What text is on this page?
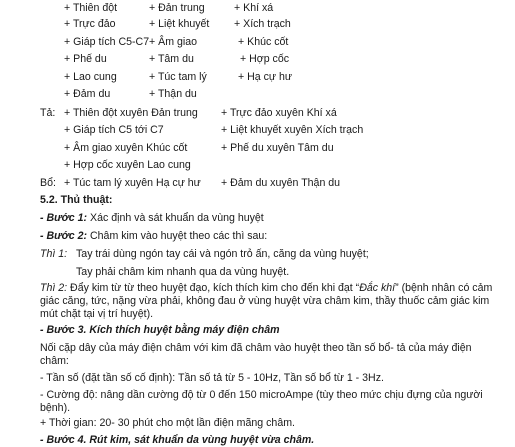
+ Thiên đột	+ Đản trung	+ Khí xá
+ Trực đảo	+ Liệt khuyết + Xích trạch
+ Giáp tích C5-C7 + Âm giao	+ Khúc cốt
+ Phế du	+ Tâm du	+ Hợp cốc
+ Lao cung	+ Túc tam lý	+ Hạ cự hư
+ Đảm du	+ Thận du
Tả: + Thiên đột xuyên Đản trung + Trực đảo xuyên Khí xá
+ Giáp tích C5 tới C7	+ Liệt khuyết xuyên Xích trạch
+ Âm giao xuyên Khúc cốt	+ Phế du xuyên Tâm du
+ Hợp cốc xuyên Lao cung
Bổ: + Túc tam lý xuyên Hạ cự hư + Đảm du xuyên Thận du
5.2. Thủ thuật:
- Bước 1: Xác định và sát khuẩn da vùng huyệt
- Bước 2: Châm kim vào huyệt theo các thì sau:
Thì 1: Tay trái dùng ngón tay cái và ngón trỏ ấn, căng da vùng huyệt;
Tay phải châm kim nhanh qua da vùng huyệt.
Thì 2: Đẩy kim từ từ theo huyệt đạo, kích thích kim cho đến khi đạt “Đắc khí” (bệnh nhân có cảm
giác căng, tức, nặng vừa phải, không đau ở vùng huyệt vừa châm kim, thầy thuốc cảm giác kim
mút chặt tại vị trí huyệt).
- Bước 3. Kích thích huyệt bằng máy điện châm
Nối cặp dây của máy điện châm với kim đã châm vào huyệt theo tần số bổ- tả của máy điện
châm:
- Tần số (đặt tần số cố định): Tần số tả từ 5 - 10Hz, Tần số bổ từ 1 - 3Hz.
- Cường độ: nâng dần cường độ từ 0 đến 150 microAmpe (tùy theo mức chịu đựng của người
bệnh).
+ Thời gian: 20- 30 phút cho một lần điện mãng châm.
- Bước 4. Rút kim, sát khuẩn da vùng huyệt vừa châm.
